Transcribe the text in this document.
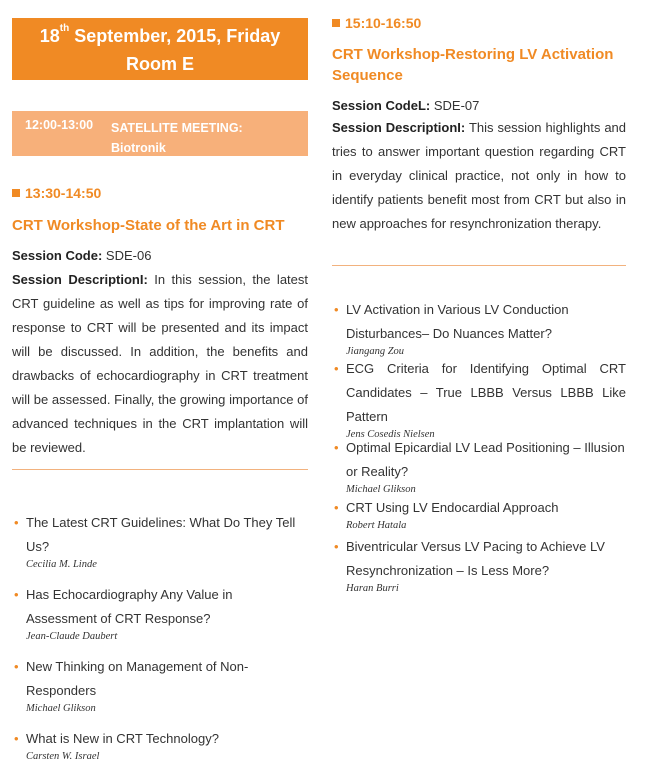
18th September, 2015, Friday
Room E
12:00-13:00 SATELLITE MEETING: Biotronik
13:30-14:50
CRT Workshop-State of the Art in CRT
Session Code: SDE-06
Session DescriptionI: In this session, the latest CRT guideline as well as tips for improving rate of response to CRT will be presented and its impact will be discussed. In addition, the benefits and drawbacks of echocardiography in CRT treatment will be assessed. Finally, the growing importance of advanced techniques in the CRT implantation will be reviewed.
• The Latest CRT Guidelines: What Do They Tell Us?
Cecilia M. Linde
• Has Echocardiography Any Value in Assessment of CRT Response?
Jean-Claude Daubert
• New Thinking on Management of Non-Responders
Michael Glikson
• What is New in CRT Technology?
Carsten W. Israel
15:10-16:50
CRT Workshop-Restoring LV Activation Sequence
Session CodeL: SDE-07
Session DescriptionI: This session highlights and tries to answer important question regarding CRT in everyday clinical practice, not only in how to identify patients benefit most from CRT but also in new approaches for resynchronization therapy.
• LV Activation in Various LV Conduction Disturbances– Do Nuances Matter?
Jiangang Zou
• ECG Criteria for Identifying Optimal CRT Candidates – True LBBB Versus LBBB Like Pattern
Jens Cosedis Nielsen
• Optimal Epicardial LV Lead Positioning – Illusion or Reality?
Michael Glikson
• CRT Using LV Endocardial Approach
Robert Hatala
• Biventricular Versus LV Pacing to Achieve LV Resynchronization – Is Less More?
Haran Burri
